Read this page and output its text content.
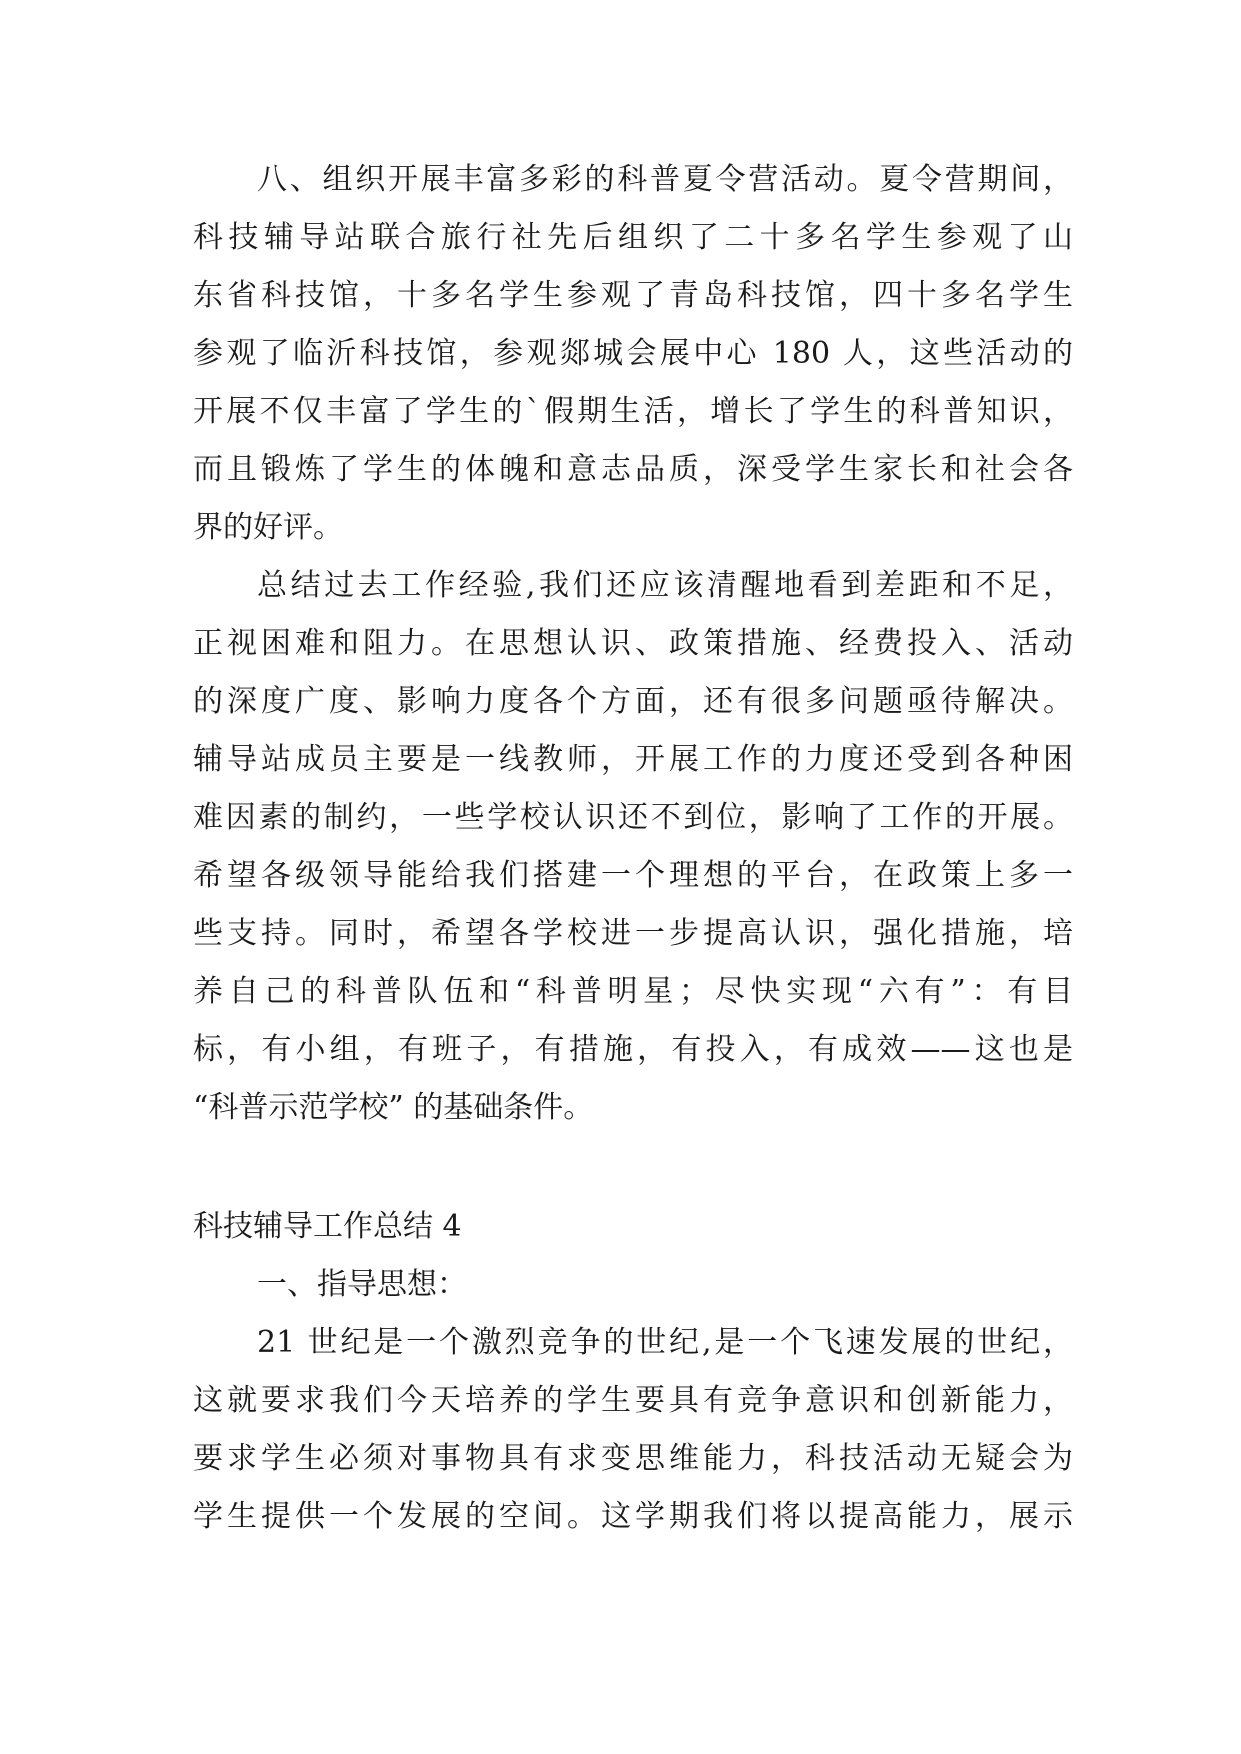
八、组织开展丰富多彩的科普夏令营活动。夏令营期间，
科技辅导站联合旅行社先后组织了二十多名学生参观了山
东省科技馆，十多名学生参观了青岛科技馆，四十多名学生
参观了临沂科技馆，参观郯城会展中心 180 人，这些活动的
开展不仅丰富了学生的`假期生活，增长了学生的科普知识，
而且锻炼了学生的体魄和意志品质，深受学生家长和社会各
界的好评。
总结过去工作经验,我们还应该清醒地看到差距和不足，
正视困难和阻力。在思想认识、政策措施、经费投入、活动
的深度广度、影响力度各个方面，还有很多问题亟待解决。
辅导站成员主要是一线教师，开展工作的力度还受到各种困
难因素的制约，一些学校认识还不到位，影响了工作的开展。
希望各级领导能给我们搭建一个理想的平台，在政策上多一
些支持。同时，希望各学校进一步提高认识，强化措施，培
养自己的科普队伍和“科普明星；尽快实现“六有”：有目
标，有小组，有班子，有措施，有投入，有成效——这也是
“科普示范学校” 的基础条件。
科技辅导工作总结 4
一、指导思想：
21 世纪是一个激烈竞争的世纪,是一个飞速发展的世纪，
这就要求我们今天培养的学生要具有竞争意识和创新能力，
要求学生必须对事物具有求变思维能力，科技活动无疑会为
学生提供一个发展的空间。这学期我们将以提高能力，展示
